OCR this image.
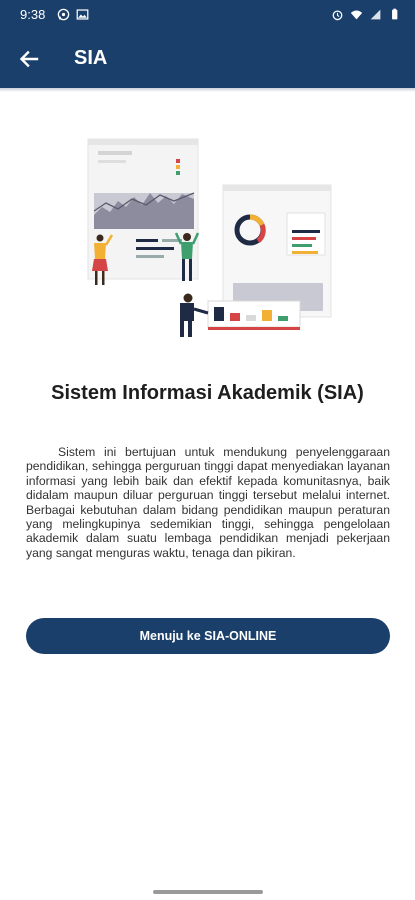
9:38
SIA
Sistem Informasi Akademik (SIA)
Sistem ini bertujuan untuk mendukung penyelenggaraan pendidikan, sehingga perguruan tinggi dapat menyediakan layanan informasi yang lebih baik dan efektif kepada komunitasnya, baik didalam maupun diluar perguruan tinggi tersebut melalui internet. Berbagai kebutuhan dalam bidang pendidikan maupun peraturan yang melingkupinya sedemikian tinggi, sehingga pengelolaan akademik dalam suatu lembaga pendidikan menjadi pekerjaan yang sangat menguras waktu, tenaga dan pikiran.
Menuju ke SIA-ONLINE
